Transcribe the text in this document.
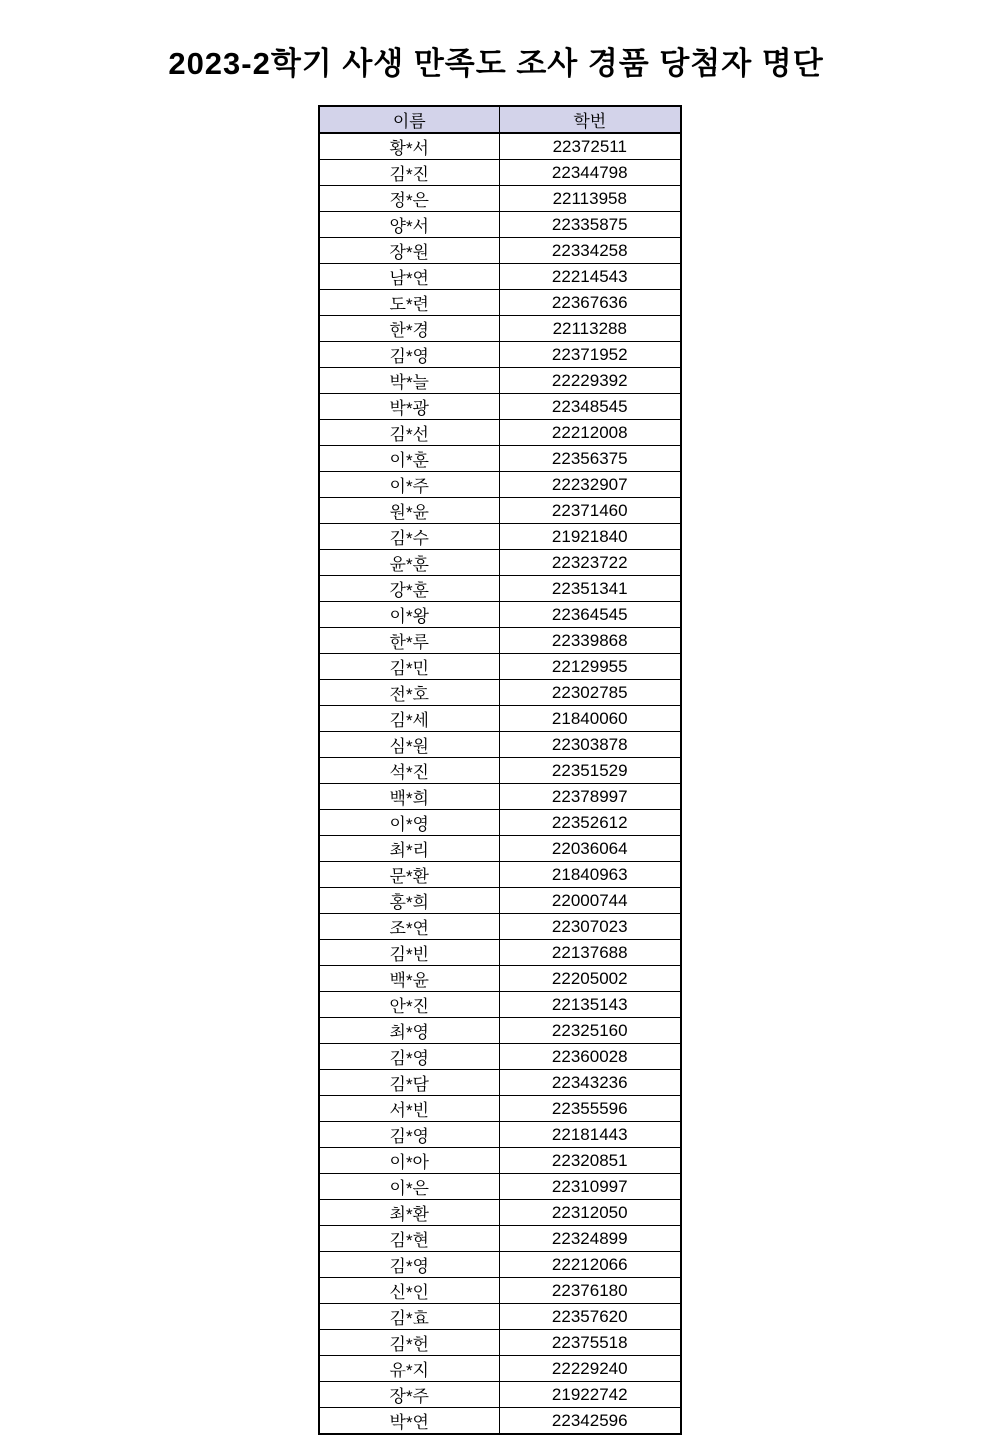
2023-2학기 사생 만족도 조사 경품 당첨자 명단
이름	학번
황*서	22372511
김*진	22344798
정*은	22113958
양*서	22335875
장*원	22334258
남*연	22214543
도*련	22367636
한*경	22113288
김*영	22371952
박*늘	22229392
박*광	22348545
김*선	22212008
이*훈	22356375
이*주	22232907
원*윤	22371460
김*수	21921840
윤*훈	22323722
강*훈	22351341
이*왕	22364545
한*루	22339868
김*민	22129955
전*호	22302785
김*세	21840060
심*원	22303878
석*진	22351529
백*희	22378997
이*영	22352612
최*리	22036064
문*환	21840963
홍*희	22000744
조*연	22307023
김*빈	22137688
백*윤	22205002
안*진	22135143
최*영	22325160
김*영	22360028
김*담	22343236
서*빈	22355596
김*영	22181443
이*아	22320851
이*은	22310997
최*환	22312050
김*현	22324899
김*영	22212066
신*인	22376180
김*효	22357620
김*헌	22375518
유*지	22229240
장*주	21922742
박*연	22342596
